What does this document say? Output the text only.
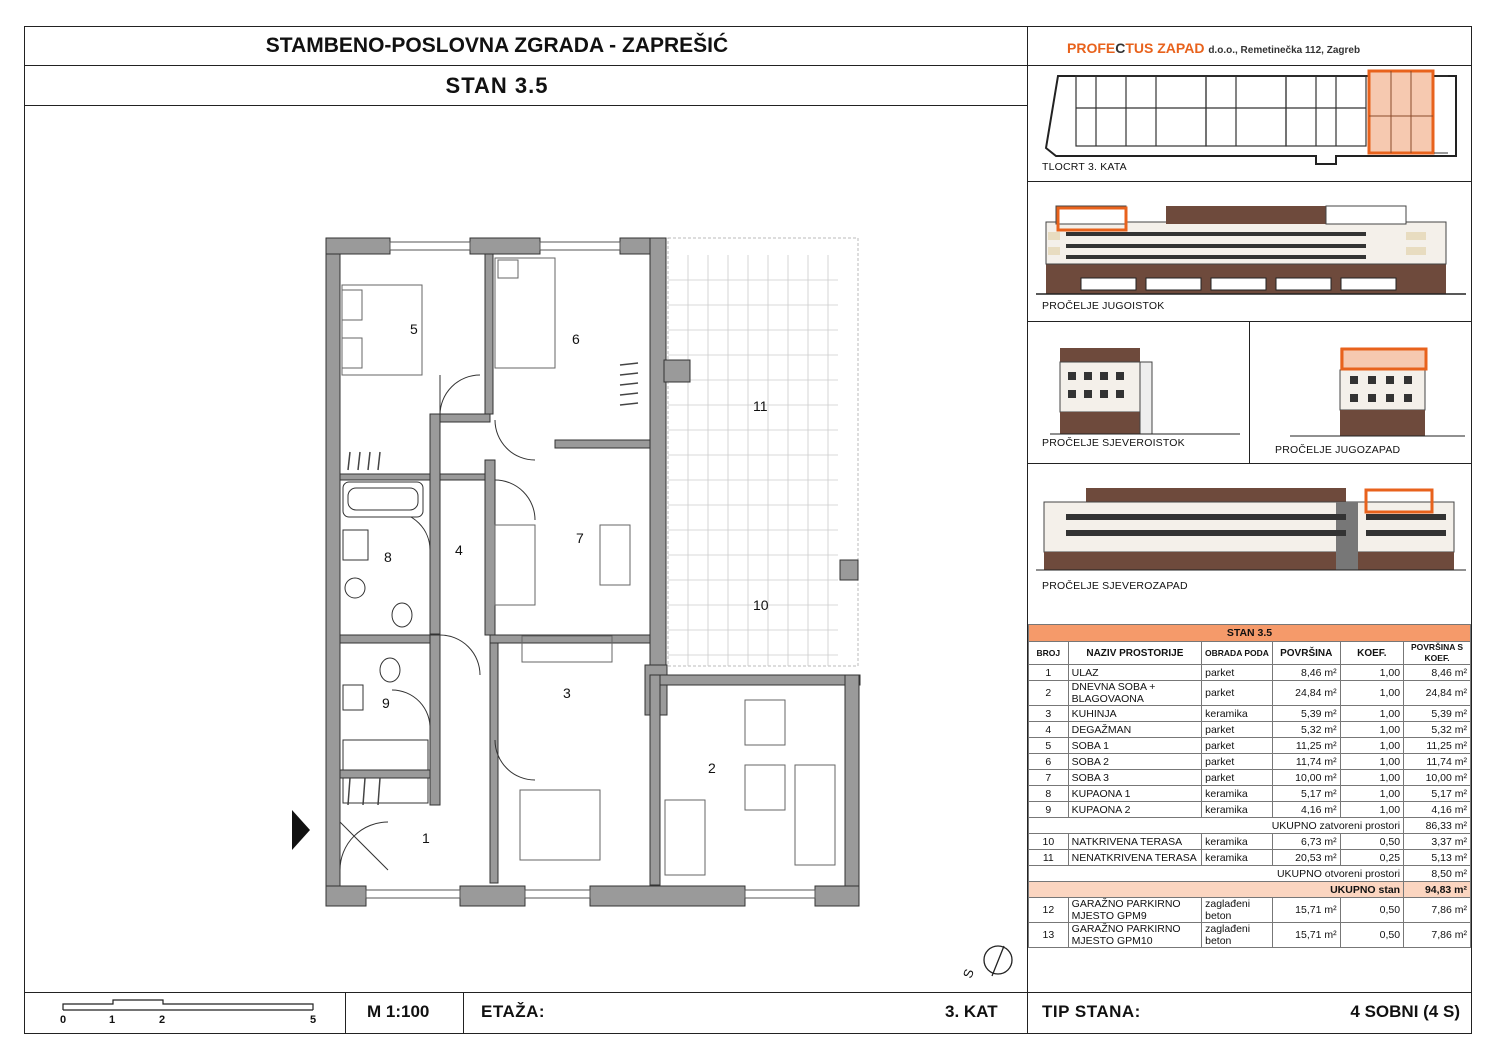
STAMBENO-POSLOVNA ZGRADA - ZAPREŠIĆ
STAN 3.5
PROFECTUS ZAPAD d.o.o., Remetinečka 112, Zagreb
TLOCRT 3. KATA
PROČELJE JUGOISTOK
PROČELJE SJEVEROISTOK
PROČELJE JUGOZAPAD
PROČELJE SJEVEROZAPAD
5
6
11
4
7
8
10
3
9
2
1
S
STAN 3.5					
BROJ	NAZIV PROSTORIJE	OBRADA PODA	POVRŠINA	KOEF.	POVRŠINA S KOEF.
1	ULAZ	parket	8,46 m²	1,00	8,46 m²
2	DNEVNA SOBA + BLAGOVAONA	parket	24,84 m²	1,00	24,84 m²
3	KUHINJA	keramika	5,39 m²	1,00	5,39 m²
4	DEGAŽMAN	parket	5,32 m²	1,00	5,32 m²
5	SOBA 1	parket	11,25 m²	1,00	11,25 m²
6	SOBA 2	parket	11,74 m²	1,00	11,74 m²
7	SOBA 3	parket	10,00 m²	1,00	10,00 m²
8	KUPAONA 1	keramika	5,17 m²	1,00	5,17 m²
9	KUPAONA 2	keramika	4,16 m²	1,00	4,16 m²
UKUPNO zatvoreni prostori					86,33 m²
10	NATKRIVENA TERASA	keramika	6,73 m²	0,50	3,37 m²
11	NENATKRIVENA TERASA	keramika	20,53 m²	0,25	5,13 m²
UKUPNO otvoreni prostori					8,50 m²
UKUPNO stan					94,83 m²
12	GARAŽNO PARKIRNO MJESTO GPM9	zaglađeni beton	15,71 m²	0,50	7,86 m²
13	GARAŽNO PARKIRNO MJESTO GPM10	zaglađeni beton	15,71 m²	0,50	7,86 m²
0	1	2	5	M 1:100	ETAŽA:	3. KAT	TIP STANA:	4 SOBNI (4 S)
